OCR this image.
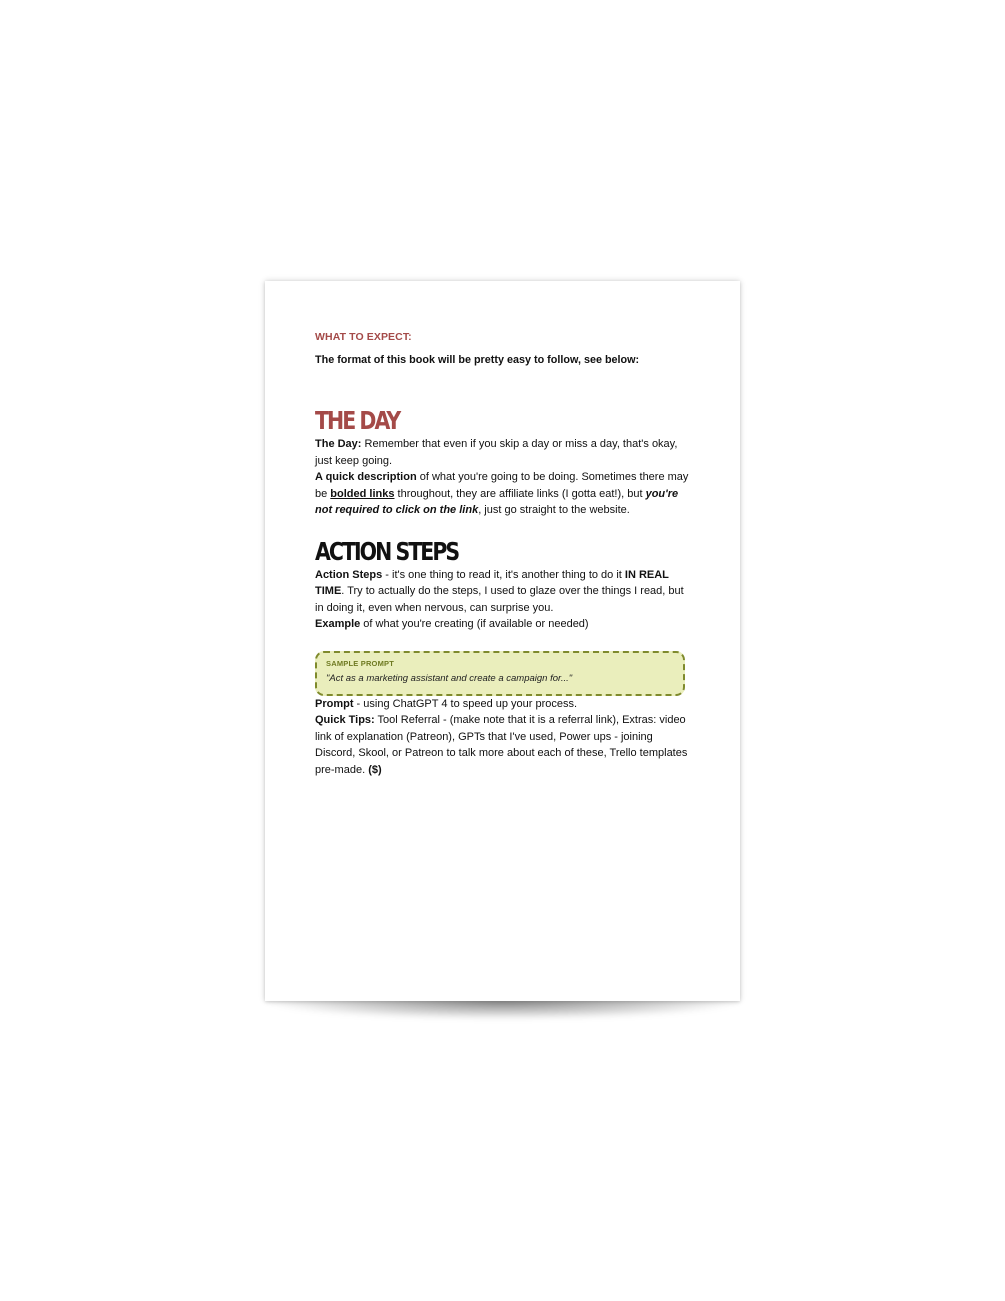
WHAT TO EXPECT:

The format of this book will be pretty easy to follow, see below:

THE DAY

The Day: Remember that even if you skip a day or miss a day, that's okay, just keep going.

A quick description of what you're going to be doing. Sometimes there may be bolded links throughout, they are affiliate links (I gotta eat!), but you're not required to click on the link, just go straight to the website.

ACTION STEPS

Action Steps - it's one thing to read it, it's another thing to do it IN REAL TIME. Try to actually do the steps, I used to glaze over the things I read, but in doing it, even when nervous, can surprise you.

Example of what you're creating (if available or needed)

SAMPLE PROMPT

"Act as a marketing assistant and create a campaign for..."

Prompt - using ChatGPT 4 to speed up your process.

Quick Tips: Tool Referral - (make note that it is a referral link), Extras: video link of explanation (Patreon), GPTs that I've used, Power ups - joining Discord, Skool, or Patreon to talk more about each of these, Trello templates pre-made. ($)
